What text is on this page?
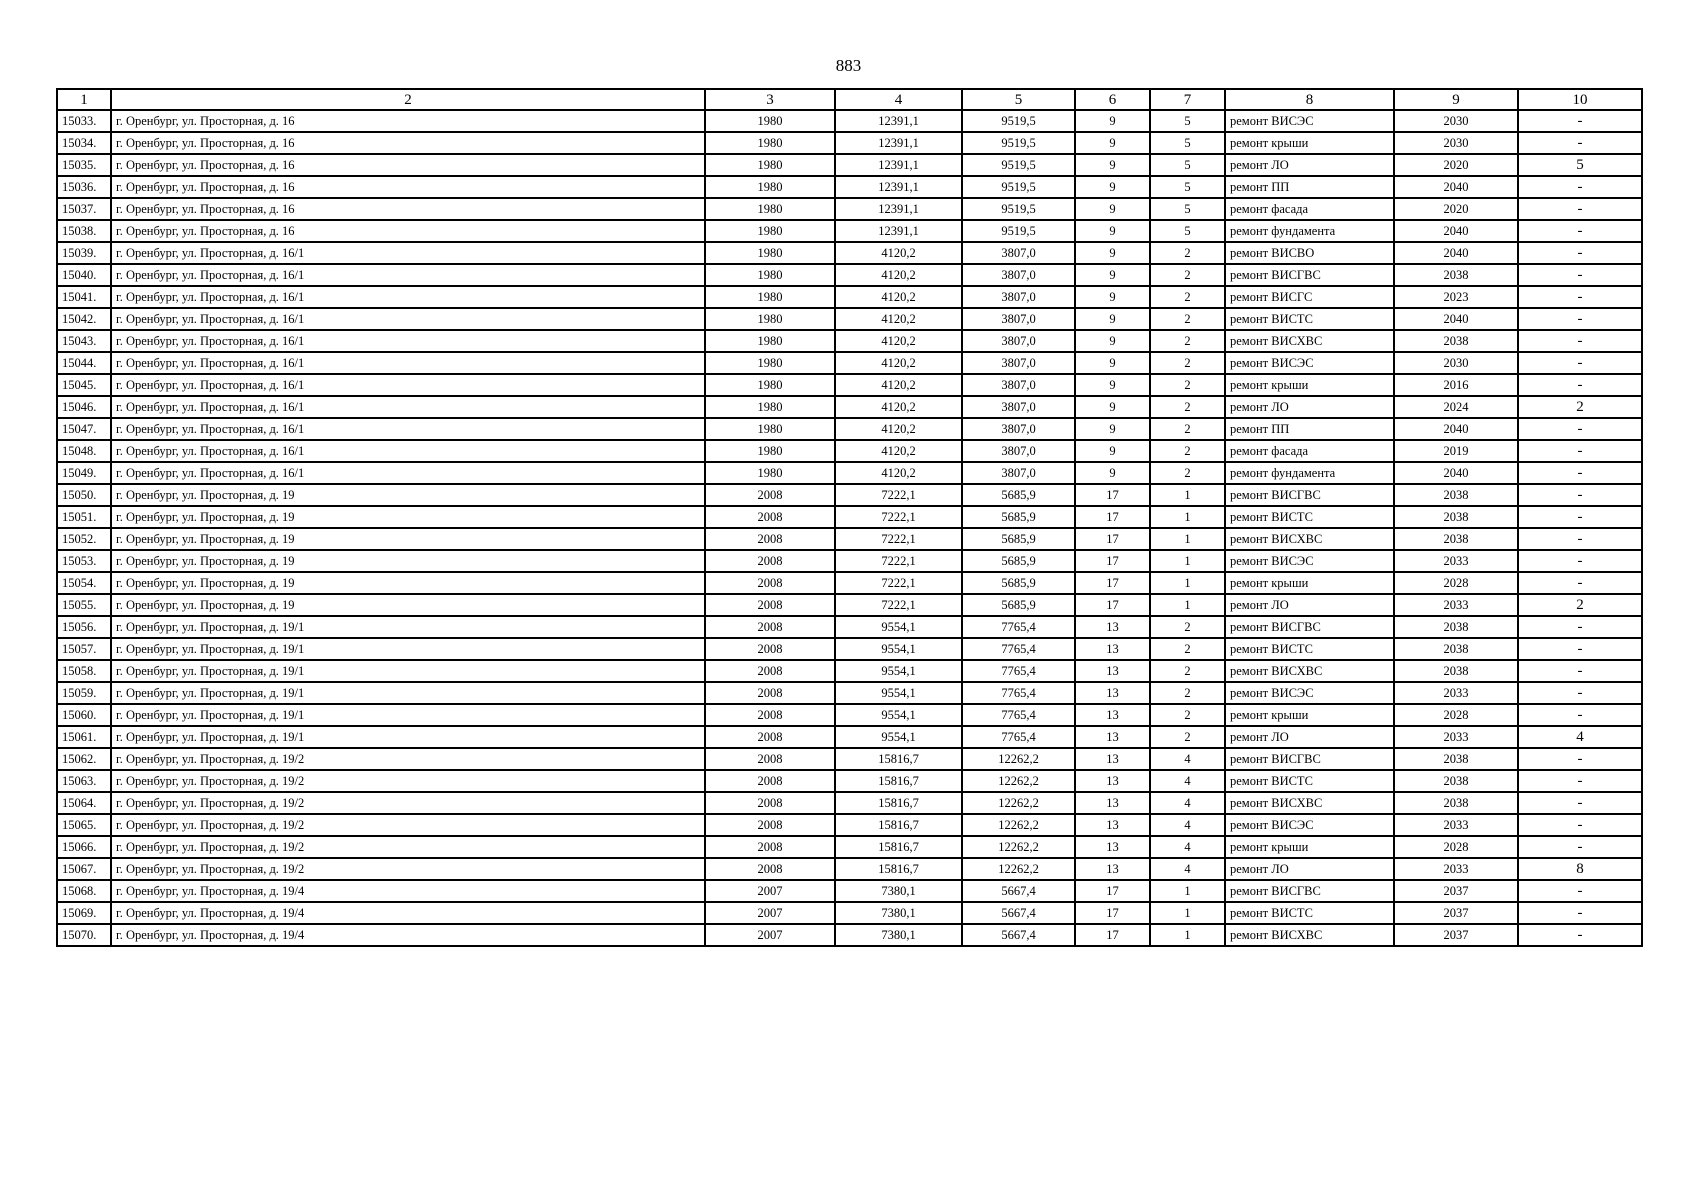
883
1	2	3	4	5	6	7	8	9	10
15033.	г. Оренбург, ул. Просторная, д. 16	1980	12391,1	9519,5	9	5	ремонт ВИСЭС	2030	-
15034.	г. Оренбург, ул. Просторная, д. 16	1980	12391,1	9519,5	9	5	ремонт крыши	2030	-
15035.	г. Оренбург, ул. Просторная, д. 16	1980	12391,1	9519,5	9	5	ремонт ЛО	2020	5
15036.	г. Оренбург, ул. Просторная, д. 16	1980	12391,1	9519,5	9	5	ремонт ПП	2040	-
15037.	г. Оренбург, ул. Просторная, д. 16	1980	12391,1	9519,5	9	5	ремонт фасада	2020	-
15038.	г. Оренбург, ул. Просторная, д. 16	1980	12391,1	9519,5	9	5	ремонт фундамента	2040	-
15039.	г. Оренбург, ул. Просторная, д. 16/1	1980	4120,2	3807,0	9	2	ремонт ВИСВО	2040	-
15040.	г. Оренбург, ул. Просторная, д. 16/1	1980	4120,2	3807,0	9	2	ремонт ВИСГВС	2038	-
15041.	г. Оренбург, ул. Просторная, д. 16/1	1980	4120,2	3807,0	9	2	ремонт ВИСГС	2023	-
15042.	г. Оренбург, ул. Просторная, д. 16/1	1980	4120,2	3807,0	9	2	ремонт ВИСТС	2040	-
15043.	г. Оренбург, ул. Просторная, д. 16/1	1980	4120,2	3807,0	9	2	ремонт ВИСХВС	2038	-
15044.	г. Оренбург, ул. Просторная, д. 16/1	1980	4120,2	3807,0	9	2	ремонт ВИСЭС	2030	-
15045.	г. Оренбург, ул. Просторная, д. 16/1	1980	4120,2	3807,0	9	2	ремонт крыши	2016	-
15046.	г. Оренбург, ул. Просторная, д. 16/1	1980	4120,2	3807,0	9	2	ремонт ЛО	2024	2
15047.	г. Оренбург, ул. Просторная, д. 16/1	1980	4120,2	3807,0	9	2	ремонт ПП	2040	-
15048.	г. Оренбург, ул. Просторная, д. 16/1	1980	4120,2	3807,0	9	2	ремонт фасада	2019	-
15049.	г. Оренбург, ул. Просторная, д. 16/1	1980	4120,2	3807,0	9	2	ремонт фундамента	2040	-
15050.	г. Оренбург, ул. Просторная, д. 19	2008	7222,1	5685,9	17	1	ремонт ВИСГВС	2038	-
15051.	г. Оренбург, ул. Просторная, д. 19	2008	7222,1	5685,9	17	1	ремонт ВИСТС	2038	-
15052.	г. Оренбург, ул. Просторная, д. 19	2008	7222,1	5685,9	17	1	ремонт ВИСХВС	2038	-
15053.	г. Оренбург, ул. Просторная, д. 19	2008	7222,1	5685,9	17	1	ремонт ВИСЭС	2033	-
15054.	г. Оренбург, ул. Просторная, д. 19	2008	7222,1	5685,9	17	1	ремонт крыши	2028	-
15055.	г. Оренбург, ул. Просторная, д. 19	2008	7222,1	5685,9	17	1	ремонт ЛО	2033	2
15056.	г. Оренбург, ул. Просторная, д. 19/1	2008	9554,1	7765,4	13	2	ремонт ВИСГВС	2038	-
15057.	г. Оренбург, ул. Просторная, д. 19/1	2008	9554,1	7765,4	13	2	ремонт ВИСТС	2038	-
15058.	г. Оренбург, ул. Просторная, д. 19/1	2008	9554,1	7765,4	13	2	ремонт ВИСХВС	2038	-
15059.	г. Оренбург, ул. Просторная, д. 19/1	2008	9554,1	7765,4	13	2	ремонт ВИСЭС	2033	-
15060.	г. Оренбург, ул. Просторная, д. 19/1	2008	9554,1	7765,4	13	2	ремонт крыши	2028	-
15061.	г. Оренбург, ул. Просторная, д. 19/1	2008	9554,1	7765,4	13	2	ремонт ЛО	2033	4
15062.	г. Оренбург, ул. Просторная, д. 19/2	2008	15816,7	12262,2	13	4	ремонт ВИСГВС	2038	-
15063.	г. Оренбург, ул. Просторная, д. 19/2	2008	15816,7	12262,2	13	4	ремонт ВИСТС	2038	-
15064.	г. Оренбург, ул. Просторная, д. 19/2	2008	15816,7	12262,2	13	4	ремонт ВИСХВС	2038	-
15065.	г. Оренбург, ул. Просторная, д. 19/2	2008	15816,7	12262,2	13	4	ремонт ВИСЭС	2033	-
15066.	г. Оренбург, ул. Просторная, д. 19/2	2008	15816,7	12262,2	13	4	ремонт крыши	2028	-
15067.	г. Оренбург, ул. Просторная, д. 19/2	2008	15816,7	12262,2	13	4	ремонт ЛО	2033	8
15068.	г. Оренбург, ул. Просторная, д. 19/4	2007	7380,1	5667,4	17	1	ремонт ВИСГВС	2037	-
15069.	г. Оренбург, ул. Просторная, д. 19/4	2007	7380,1	5667,4	17	1	ремонт ВИСТС	2037	-
15070.	г. Оренбург, ул. Просторная, д. 19/4	2007	7380,1	5667,4	17	1	ремонт ВИСХВС	2037	-
